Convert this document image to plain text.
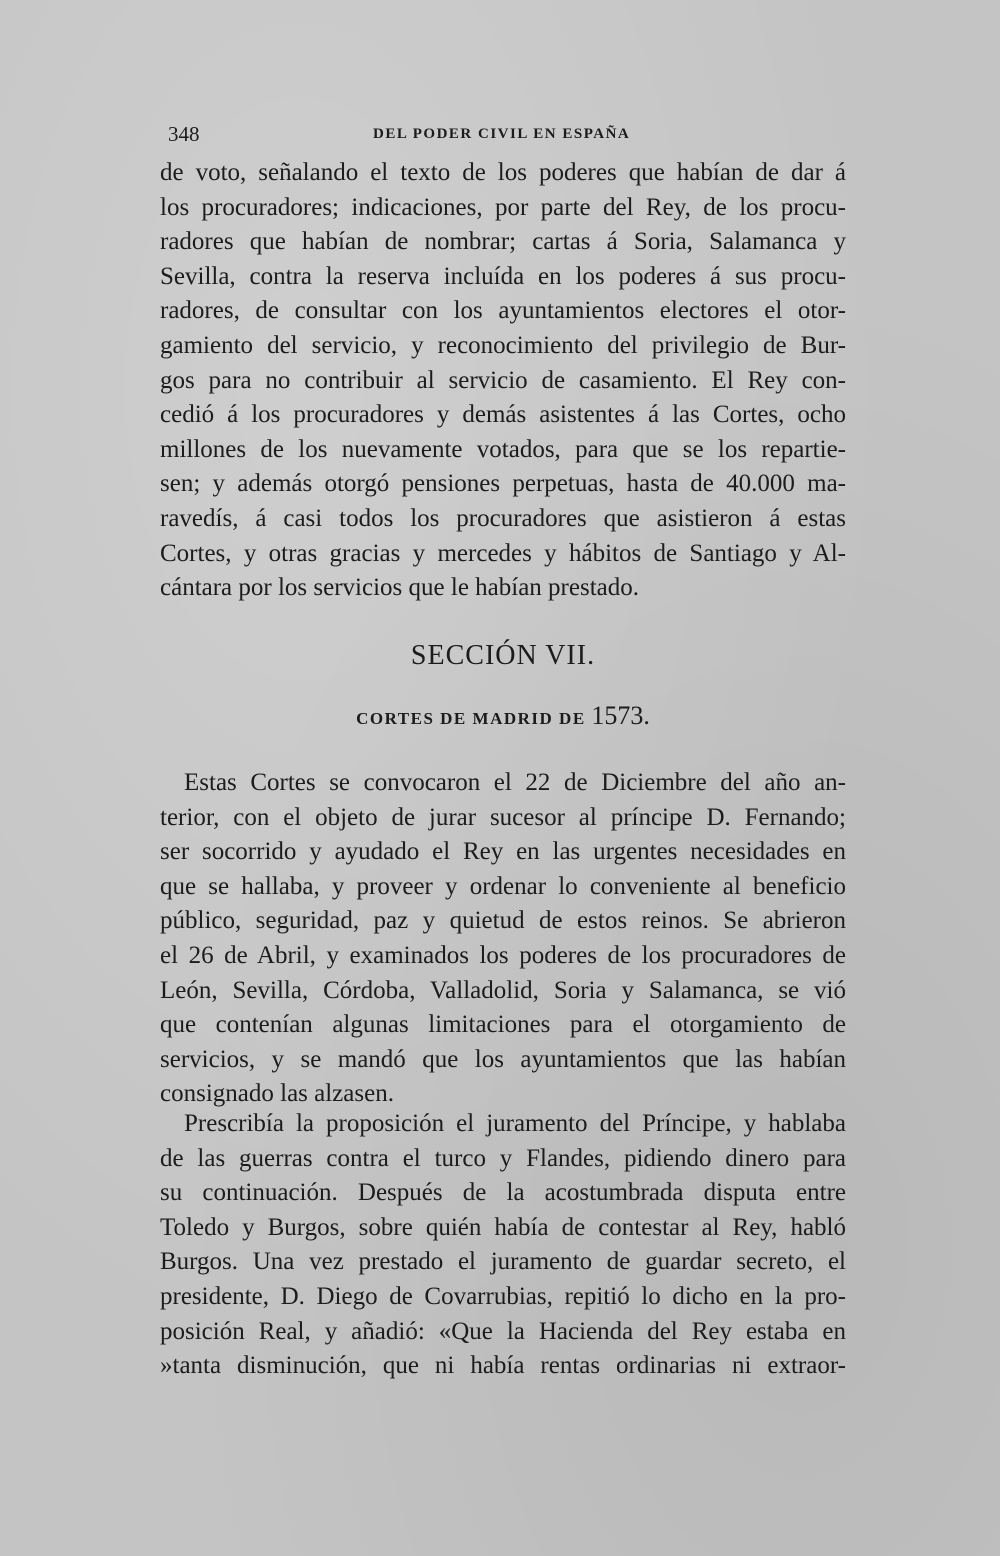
348	DEL PODER CIVIL EN ESPAÑA
de voto, señalando el texto de los poderes que habían de dar á
los procuradores; indicaciones, por parte del Rey, de los procu-
radores que habían de nombrar; cartas á Soria, Salamanca y
Sevilla, contra la reserva incluída en los poderes á sus procu-
radores, de consultar con los ayuntamientos electores el otor-
gamiento del servicio, y reconocimiento del privilegio de Bur-
gos para no contribuir al servicio de casamiento. El Rey con-
cedió á los procuradores y demás asistentes á las Cortes, ocho
millones de los nuevamente votados, para que se los repartie-
sen; y además otorgó pensiones perpetuas, hasta de 40.000 ma-
ravedís, á casi todos los procuradores que asistieron á estas
Cortes, y otras gracias y mercedes y hábitos de Santiago y Al-
cántara por los servicios que le habían prestado.
SECCIÓN VII.
CORTES DE MADRID DE 1573.
Estas Cortes se convocaron el 22 de Diciembre del año an-
terior, con el objeto de jurar sucesor al príncipe D. Fernando;
ser socorrido y ayudado el Rey en las urgentes necesidades en
que se hallaba, y proveer y ordenar lo conveniente al beneficio
público, seguridad, paz y quietud de estos reinos. Se abrieron
el 26 de Abril, y examinados los poderes de los procuradores de
León, Sevilla, Córdoba, Valladolid, Soria y Salamanca, se vió
que contenían algunas limitaciones para el otorgamiento de
servicios, y se mandó que los ayuntamientos que las habían
consignado las alzasen.
Prescribía la proposición el juramento del Príncipe, y hablaba
de las guerras contra el turco y Flandes, pidiendo dinero para
su continuación. Después de la acostumbrada disputa entre
Toledo y Burgos, sobre quién había de contestar al Rey, habló
Burgos. Una vez prestado el juramento de guardar secreto, el
presidente, D. Diego de Covarrubias, repitió lo dicho en la pro-
posición Real, y añadió: «Que la Hacienda del Rey estaba en
»tanta disminución, que ni había rentas ordinarias ni extraor-
